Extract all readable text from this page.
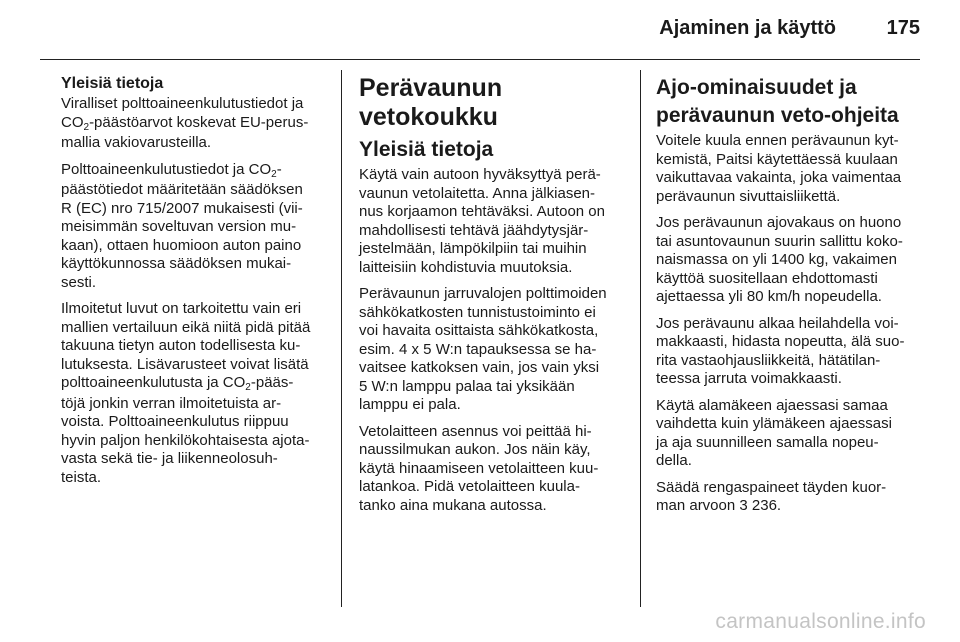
Ajaminen ja käyttö	175
Yleisiä tietoja
Viralliset polttoaineenkulutustiedot ja
$CO_2$-päästöarvot koskevat EU-perus-
mallia vakiovarusteilla.
Polttoaineenkulutustiedot ja $CO_2-$
päästötiedot määritetään säädöksen
R (EC) nro 715/2007 mukaisesti (vii-
meisimmän soveltuvan version mu-
kaan), ottaen huomioon auton paino
käyttökunnossa säädöksen mukai-
sesti.
Ilmoitetut luvut on tarkoitettu vain eri
mallien vertailuun eikä niitä pidä pitää
takuuna tietyn auton todellisesta ku-
lutuksesta. Lisävarusteet voivat lisätä
polttoaineenkulutusta ja $CO_2-pääs-$
töjä jonkin verran ilmoitetuista ar-
voista. Polttoaineenkulutus riippuu
hyvin paljon henkilökohtaisesta ajota-
vasta sekä tie- ja liikenneolosuh-
teista.
Perävaunun
vetokoukku
Yleisiä tietoja
Käytä vain autoon hyväksyttyä perä-
vaunun vetolaitetta. Anna jälkiasen-
nus korjaamon tehtäväksi. Autoon on
mahdollisesti tehtävä jäähdytysjär-
jestelmään, lämpökilpiin tai muihin
laitteisiin kohdistuvia muutoksia.
Perävaunun jarruvalojen polttimoiden
sähkökatkosten tunnistustoiminto ei
voi havaita osittaista sähkökatkosta,
esim. 4 x 5 W:n tapauksessa se ha-
vaitsee katkoksen vain, jos vain yksi
5 W:n lamppu palaa tai yksikään
lamppu ei pala.
Vetolaitteen asennus voi peittää hi-
naussilmukan aukon. Jos näin käy,
käytä hinaamiseen vetolaitteen kuu-
latankoa. Pidä vetolaitteen kuula-
tanko aina mukana autossa.
Ajo-ominaisuudet ja
perävaunun veto-ohjeita
Voitele kuula ennen perävaunun kyt-
kemistä, Paitsi käytettäessä kuulaan
vaikuttavaa vakainta, joka vaimentaa
perävaunun sivuttaisliikettä.
Jos perävaunun ajovakaus on huono
tai asuntovaunun suurin sallittu koko-
naismassa on yli 1400 kg, vakaimen
käyttöä suositellaan ehdottomasti
ajettaessa yli 80 km/h nopeudella.
Jos perävaunu alkaa heilahdella voi-
makkaasti, hidasta nopeutta, älä suo-
rita vastaohjausliikkeitä, hätätilan-
teessa jarruta voimakkaasti.
Käytä alamäkeen ajaessasi samaa
vaihdetta kuin ylämäkeen ajaessasi
ja aja suunnilleen samalla nopeu-
della.
Säädä rengaspaineet täyden kuor-
man arvoon 3 236.
carmanualsonline.info
